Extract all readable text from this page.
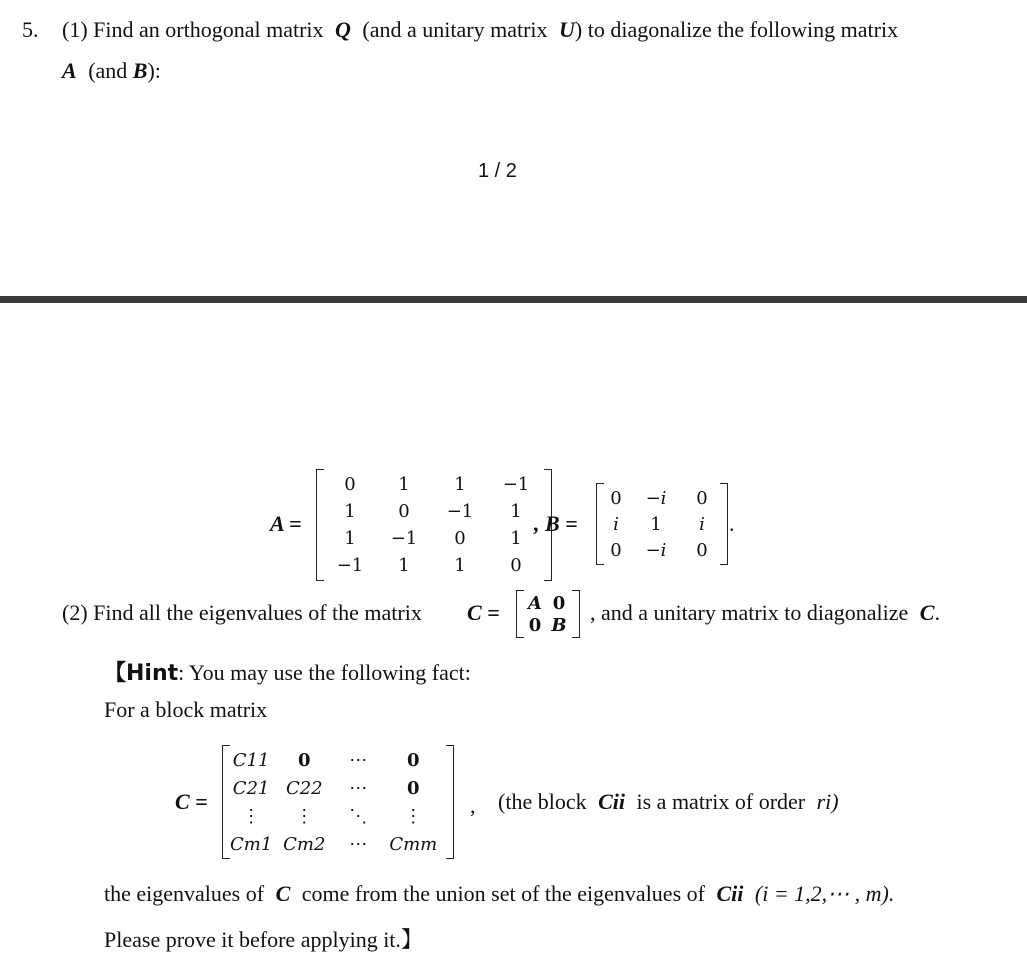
5. (1) Find an orthogonal matrix Q (and a unitary matrix U) to diagonalize the following matrix
A (and B):
1 / 2
A =
0	1	1	−1
1	0	−1	1
1	−1	0	1
−1	1	1	0
, B =
0	−i	0
i	1	i
0	−i	0
.
(2) Find all the eigenvalues of the matrix C = A	0
0	B , and a unitary matrix to diagonalize C.
【Hint: You may use the following fact:
For a block matrix
C =
C11	0	⋯	0
C21	C22	⋯	0
⋮	⋮	⋱	⋮
Cm1	Cm2	⋯	Cmm
, (the block Cii is a matrix of order ri)
the eigenvalues of C come from the union set of the eigenvalues of Cii (i = 1,2,⋯ , m).
Please prove it before applying it.】
